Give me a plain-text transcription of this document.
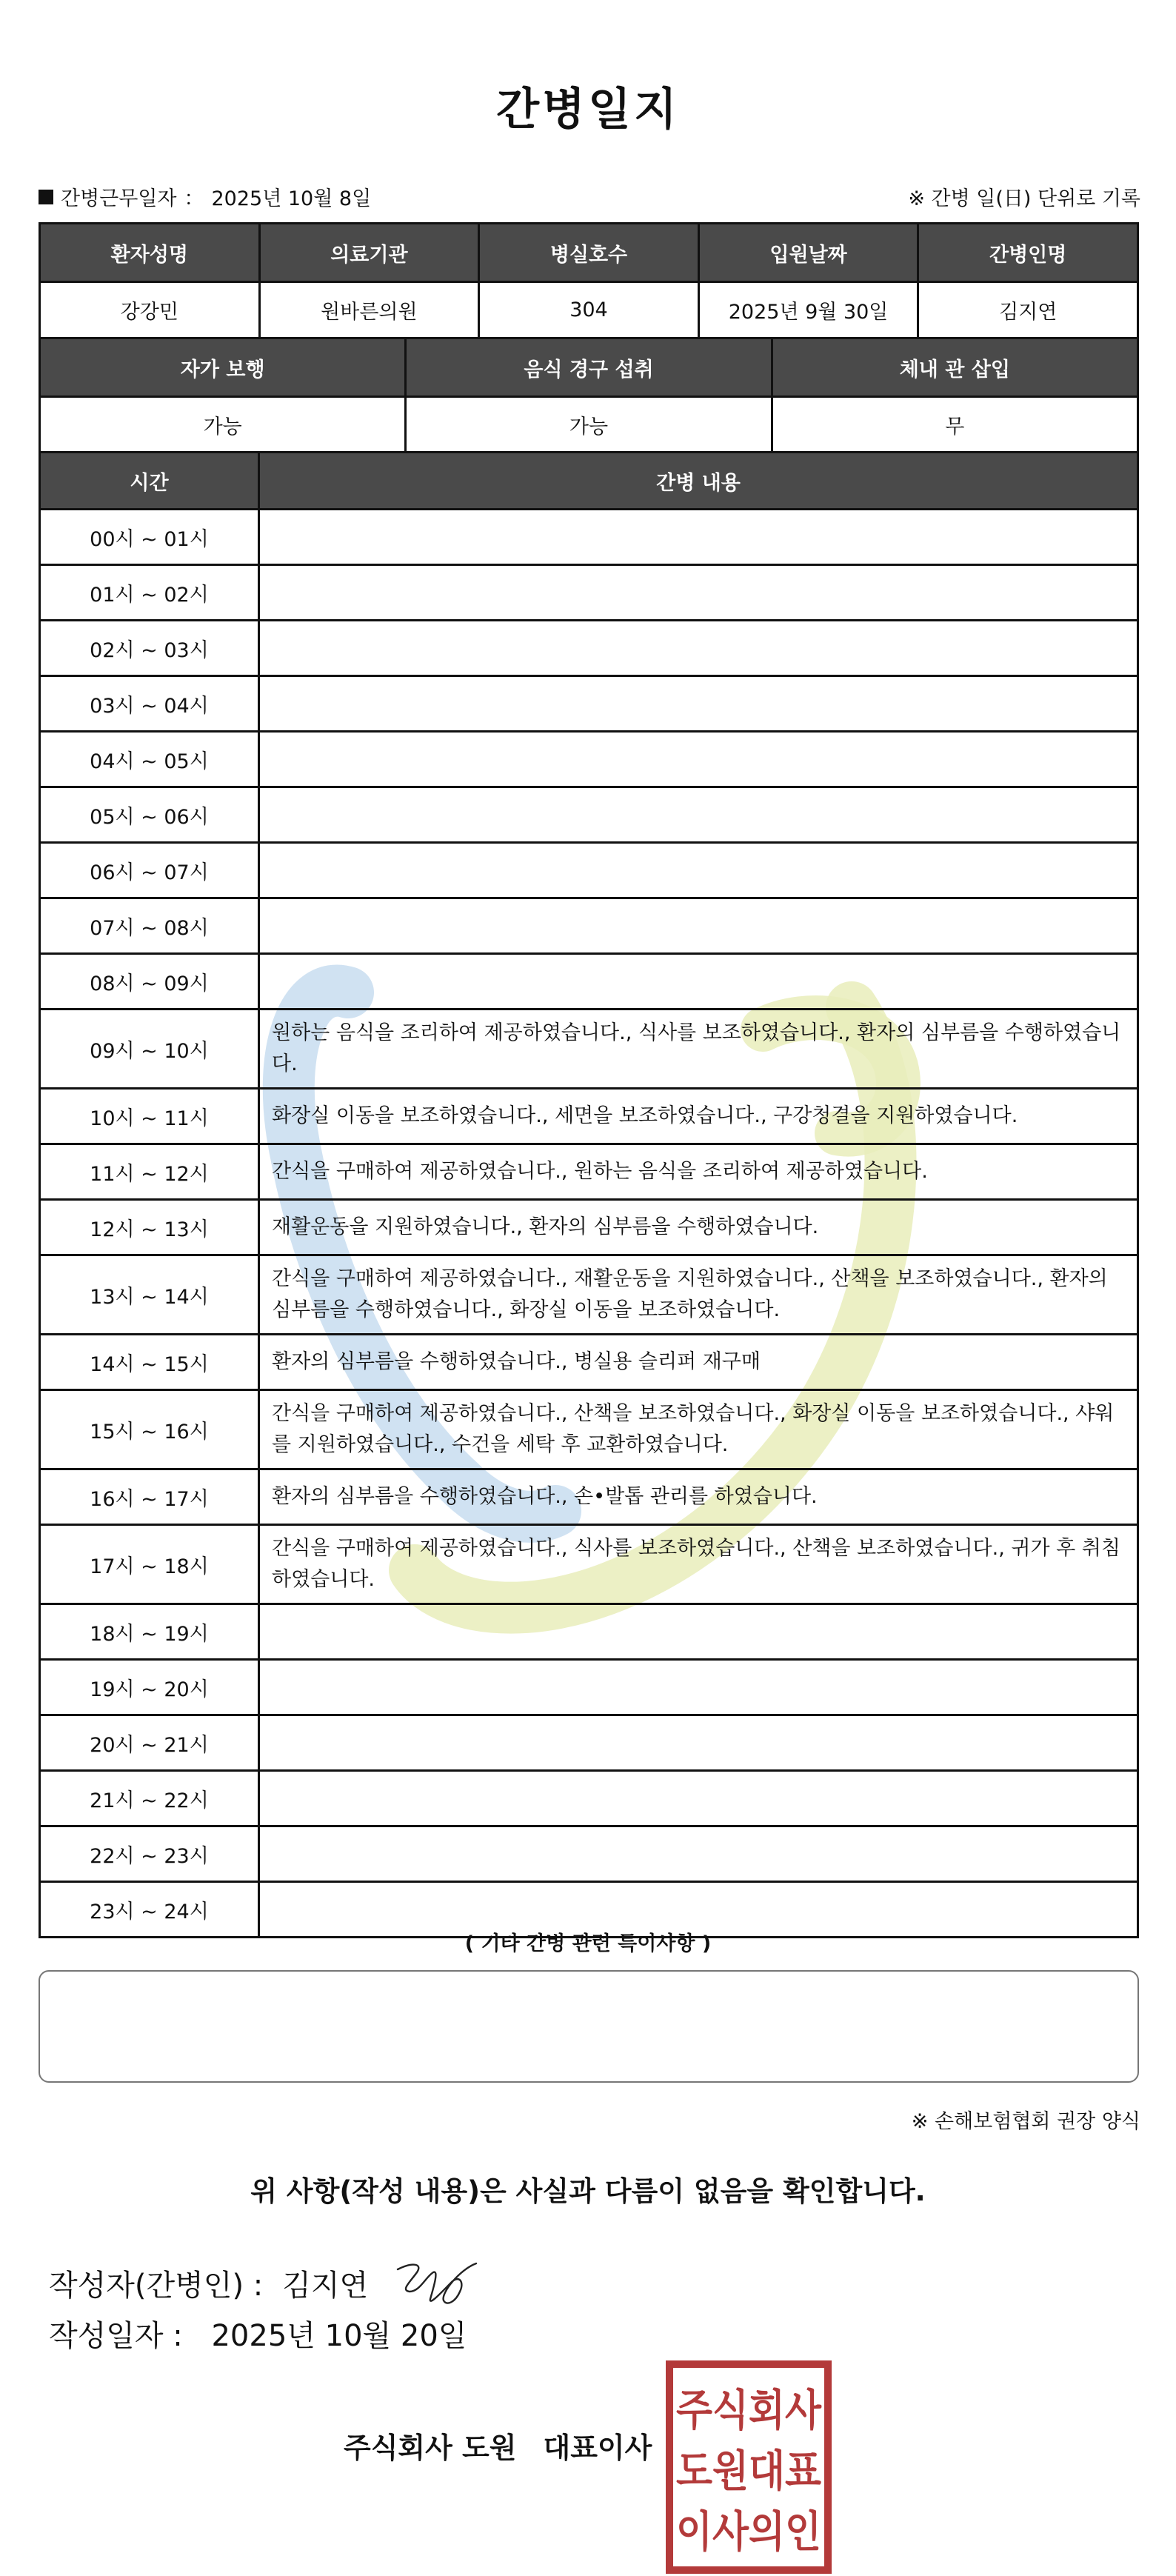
간병일지
간병근무일자 ： 2025년 10월 8일	※ 간병 일(日) 단위로 기록
환자성명	의료기관	병실호수	입원날짜	간병인명
강강민	원바른의원	304	2025년 9월 30일	김지연
자가 보행	음식 경구 섭취	체내 관 삽입
가능	가능	무
시간	간병 내용
00시 ~ 01시	
01시 ~ 02시	
02시 ~ 03시	
03시 ~ 04시	
04시 ~ 05시	
05시 ~ 06시	
06시 ~ 07시	
07시 ~ 08시	
08시 ~ 09시	
09시 ~ 10시	원하는 음식을 조리하여 제공하였습니다., 식사를 보조하였습니다., 환자의 심부름을 수행하였습니다.
10시 ~ 11시	화장실 이동을 보조하였습니다., 세면을 보조하였습니다., 구강청결을 지원하였습니다.
11시 ~ 12시	간식을 구매하여 제공하였습니다., 원하는 음식을 조리하여 제공하였습니다.
12시 ~ 13시	재활운동을 지원하였습니다., 환자의 심부름을 수행하였습니다.
13시 ~ 14시	간식을 구매하여 제공하였습니다., 재활운동을 지원하였습니다., 산책을 보조하였습니다., 환자의 심부름을 수행하였습니다., 화장실 이동을 보조하였습니다.
14시 ~ 15시	환자의 심부름을 수행하였습니다., 병실용 슬리퍼 재구매
15시 ~ 16시	간식을 구매하여 제공하였습니다., 산책을 보조하였습니다., 화장실 이동을 보조하였습니다., 샤워를 지원하였습니다., 수건을 세탁 후 교환하였습니다.
16시 ~ 17시	환자의 심부름을 수행하였습니다., 손•발톱 관리를 하였습니다.
17시 ~ 18시	간식을 구매하여 제공하였습니다., 식사를 보조하였습니다., 산책을 보조하였습니다., 귀가 후 취침하였습니다.
18시 ~ 19시	
19시 ~ 20시	
20시 ~ 21시	
21시 ~ 22시	
22시 ~ 23시	
23시 ~ 24시	
( 기타 간병 관련 특이사항 )
※ 손해보험협회 권장 양식
위 사항(작성 내용)은 사실과 다름이 없음을 확인합니다.
작성자(간병인) : 김지연
작성일자 : 2025년 10월 20일
주식회사 도원 대표이사
주식회사
도원대표
이사의인
